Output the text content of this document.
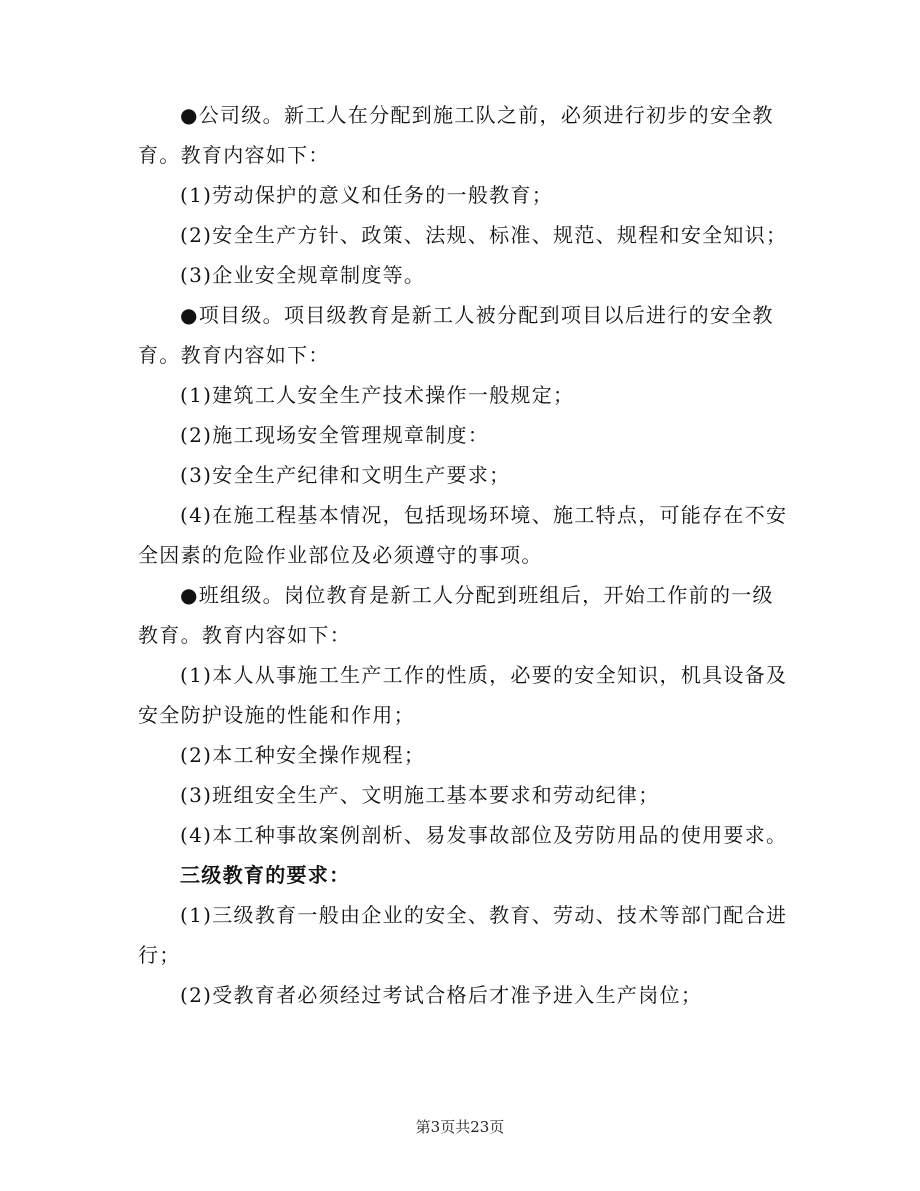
●公司级。新工人在分配到施工队之前，必须进行初步的安全教
育。教育内容如下：
(1)劳动保护的意义和任务的一般教育；
(2)安全生产方针、政策、法规、标准、规范、规程和安全知识；
(3)企业安全规章制度等。
●项目级。项目级教育是新工人被分配到项目以后进行的安全教
育。教育内容如下：
(1)建筑工人安全生产技术操作一般规定；
(2)施工现场安全管理规章制度：
(3)安全生产纪律和文明生产要求；
(4)在施工程基本情况，包括现场环境、施工特点，可能存在不安
全因素的危险作业部位及必须遵守的事项。
●班组级。岗位教育是新工人分配到班组后，开始工作前的一级
教育。教育内容如下：
(1)本人从事施工生产工作的性质，必要的安全知识，机具设备及
安全防护设施的性能和作用；
(2)本工种安全操作规程；
(3)班组安全生产、文明施工基本要求和劳动纪律；
(4)本工种事故案例剖析、易发事故部位及劳防用品的使用要求。
三级教育的要求：
(1)三级教育一般由企业的安全、教育、劳动、技术等部门配合进
行；
(2)受教育者必须经过考试合格后才准予进入生产岗位；
第3页共23页
